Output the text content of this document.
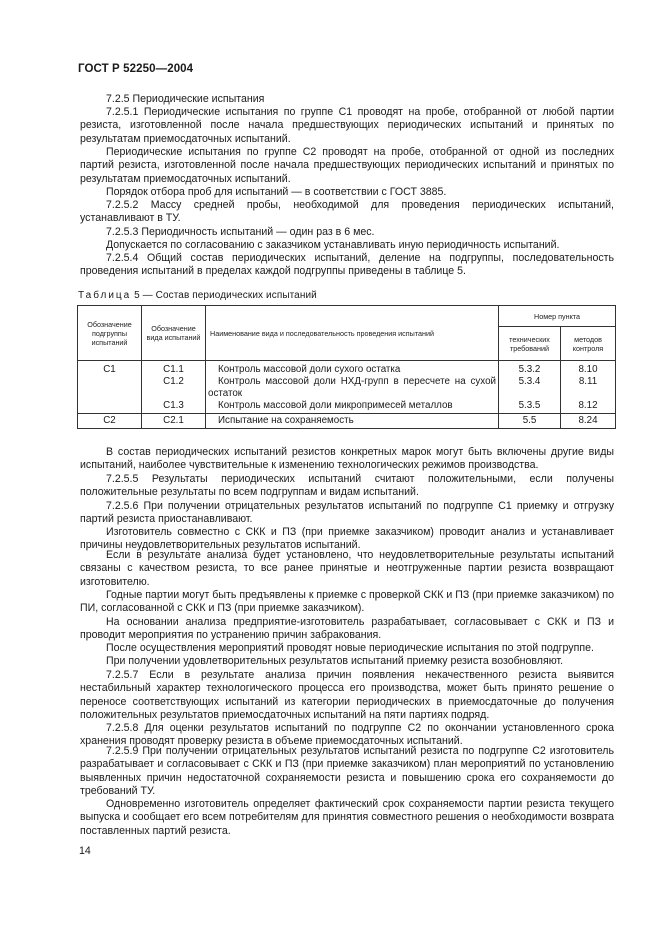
ГОСТ Р 52250—2004
7.2.5 Периодические испытания
7.2.5.1 Периодические испытания по группе С1 проводят на пробе, отобранной от любой партии резиста, изготовленной после начала предшествующих периодических испытаний и принятых по результатам приемосдаточных испытаний.
Периодические испытания по группе С2 проводят на пробе, отобранной от одной из последних партий резиста, изготовленной после начала предшествующих периодических испытаний и принятых по результатам приемосдаточных испытаний.
Порядок отбора проб для испытаний — в соответствии с ГОСТ 3885.
7.2.5.2 Массу средней пробы, необходимой для проведения периодических испытаний, устанавливают в ТУ.
7.2.5.3 Периодичность испытаний — один раз в 6 мес.
Допускается по согласованию с заказчиком устанавливать иную периодичность испытаний.
7.2.5.4 Общий состав периодических испытаний, деление на подгруппы, последовательность проведения испытаний в пределах каждой подгруппы приведены в таблице 5.
Таблица 5 — Состав периодических испытаний
Обозначение подгруппы испытаний	Обозначение вида испытаний	Наименование вида и последовательность проведения испытаний	Номер пункта	
			технических требований	методов контроля
С1	С1.1	Контроль массовой доли сухого остатка	5.3.2	8.10
	С1.2	Контроль массовой доли НХД-групп в пересчете на сухой остаток	5.3.4	8.11
	С1.3	Контроль массовой доли микропримесей металлов	5.3.5	8.12
С2	С2.1	Испытание на сохраняемость	5.5	8.24
В состав периодических испытаний резистов конкретных марок могут быть включены другие виды испытаний, наиболее чувствительные к изменению технологических режимов производства.
7.2.5.5 Результаты периодических испытаний считают положительными, если получены положительные результаты по всем подгруппам и видам испытаний.
7.2.5.6 При получении отрицательных результатов испытаний по подгруппе С1 приемку и отгрузку партий резиста приостанавливают.
Изготовитель совместно с СКК и ПЗ (при приемке заказчиком) проводит анализ и устанавливает причины неудовлетворительных результатов испытаний.
Если в результате анализа будет установлено, что неудовлетворительные результаты испытаний связаны с качеством резиста, то все ранее принятые и неотгруженные партии резиста возвращают изготовителю.
Годные партии могут быть предъявлены к приемке с проверкой СКК и ПЗ (при приемке заказчиком) по ПИ, согласованной с СКК и ПЗ (при приемке заказчиком).
На основании анализа предприятие-изготовитель разрабатывает, согласовывает с СКК и ПЗ и проводит мероприятия по устранению причин забракования.
После осуществления мероприятий проводят новые периодические испытания по этой подгруппе.
При получении удовлетворительных результатов испытаний приемку резиста возобновляют.
7.2.5.7 Если в результате анализа причин появления некачественного резиста выявится нестабильный характер технологического процесса его производства, может быть принято решение о переносе соответствующих испытаний из категории периодических в приемосдаточные до получения положительных результатов приемосдаточных испытаний на пяти партиях подряд.
7.2.5.8 Для оценки результатов испытаний по подгруппе С2 по окончании установленного срока хранения проводят проверку резиста в объеме приемосдаточных испытаний.
7.2.5.9 При получении отрицательных результатов испытаний резиста по подгруппе С2 изготовитель разрабатывает и согласовывает с СКК и ПЗ (при приемке заказчиком) план мероприятий по установлению выявленных причин недостаточной сохраняемости резиста и повышению срока его сохраняемости до требований ТУ.
Одновременно изготовитель определяет фактический срок сохраняемости партии резиста текущего выпуска и сообщает его всем потребителям для принятия совместного решения о необходимости возврата поставленных партий резиста.
14
